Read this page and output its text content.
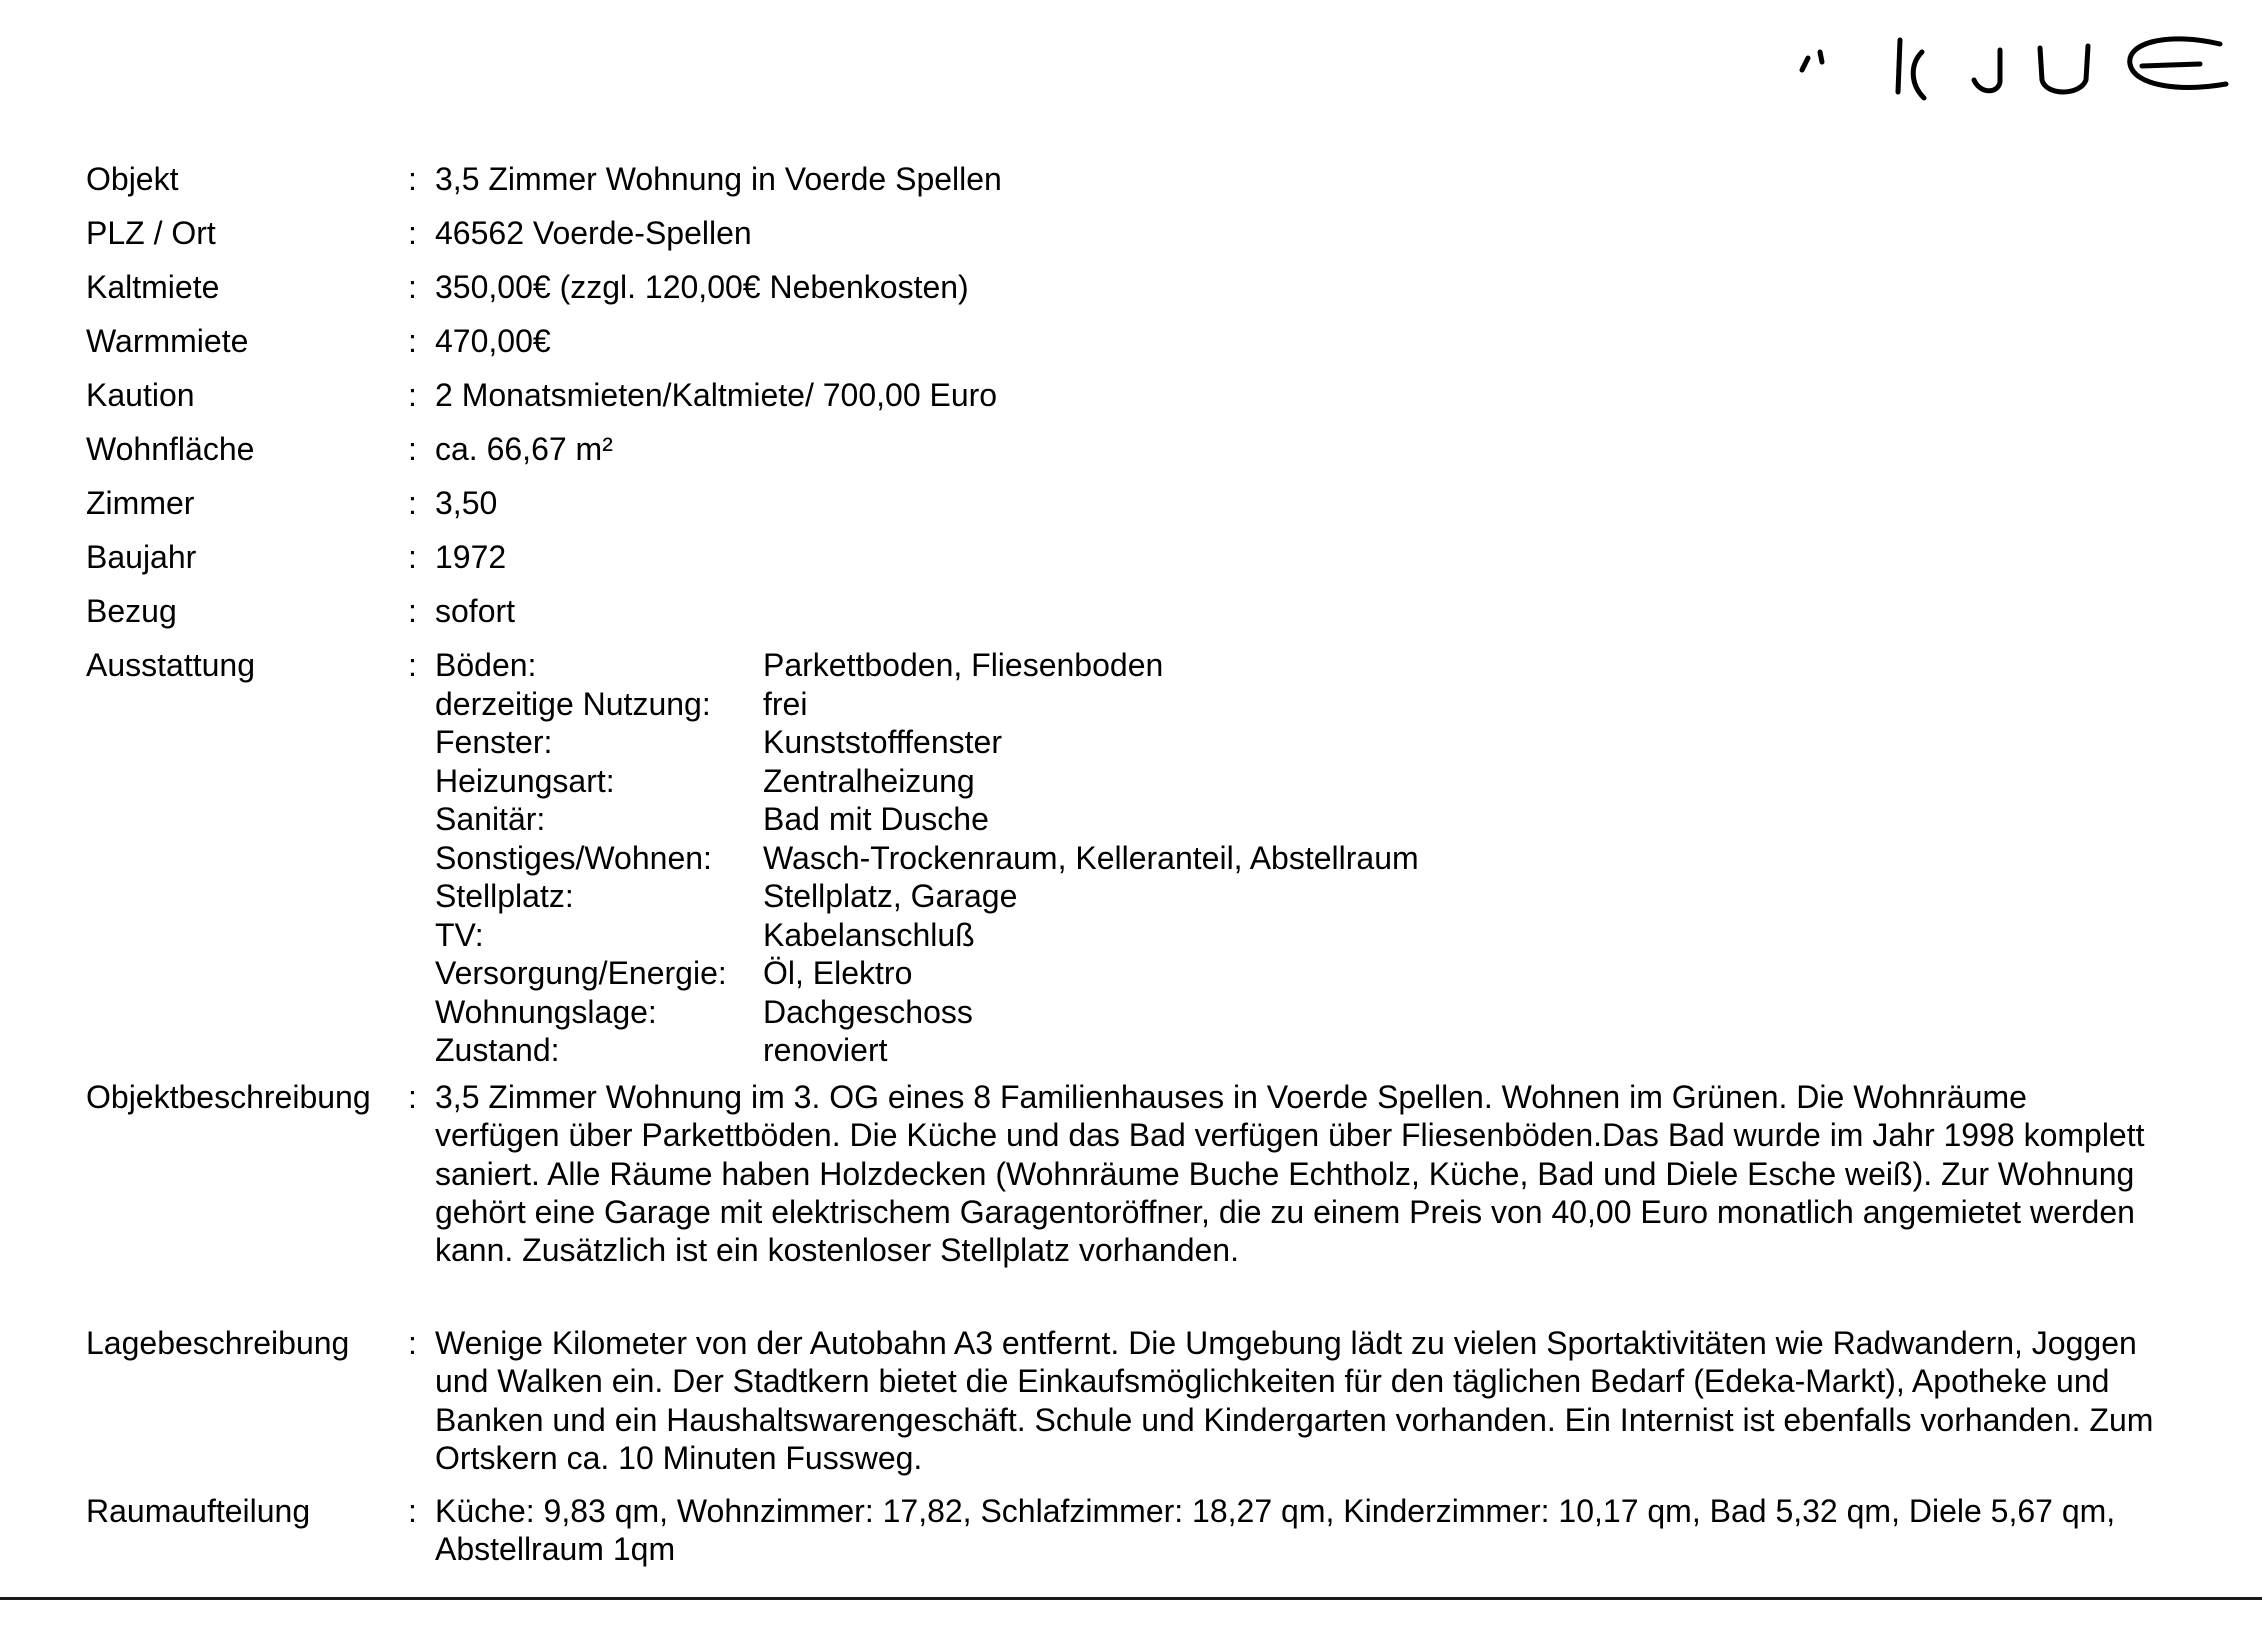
Objekt	: 3,5 Zimmer Wohnung in Voerde Spellen
PLZ / Ort	: 46562 Voerde-Spellen
Kaltmiete	: 350,00€ (zzgl. 120,00€ Nebenkosten)
Warmmiete	: 470,00€
Kaution	: 2 Monatsmieten/Kaltmiete/ 700,00 Euro
Wohnfläche	: ca. 66,67 m²
Zimmer	: 3,50
Baujahr	: 1972
Bezug	: sofort
Ausstattung	: Böden:	Parkettboden, Fliesenboden
derzeitige Nutzung: frei
Fenster:	Kunststofffenster
Heizungsart:	Zentralheizung
Sanitär:	Bad mit Dusche
Sonstiges/Wohnen: Wasch-Trockenraum, Kelleranteil, Abstellraum
Stellplatz:	Stellplatz, Garage
TV:	Kabelanschluß
Versorgung/Energie: Öl, Elektro
Wohnungslage:	Dachgeschoss
Zustand:	renoviert
Objektbeschreibung : 3,5 Zimmer Wohnung im 3. OG eines 8 Familienhauses in Voerde Spellen. Wohnen im Grünen. Die Wohnräume verfügen über Parkettböden. Die Küche und das Bad verfügen über Fliesenböden.Das Bad wurde im Jahr 1998 komplett saniert. Alle Räume haben Holzdecken (Wohnräume Buche Echtholz, Küche, Bad und Diele Esche weiß). Zur Wohnung gehört eine Garage mit elektrischem Garagentoröffner, die zu einem Preis von 40,00 Euro monatlich angemietet werden kann. Zusätzlich ist ein kostenloser Stellplatz vorhanden.
Lagebeschreibung : Wenige Kilometer von der Autobahn A3 entfernt. Die Umgebung lädt zu vielen Sportaktivitäten wie Radwandern, Joggen und Walken ein. Der Stadtkern bietet die Einkaufsmöglichkeiten für den täglichen Bedarf (Edeka-Markt), Apotheke und Banken und ein Haushaltswarengeschäft. Schule und Kindergarten vorhanden. Ein Internist ist ebenfalls vorhanden. Zum Ortskern ca. 10 Minuten Fussweg.
Raumaufteilung	: Küche: 9,83 qm, Wohnzimmer: 17,82, Schlafzimmer: 18,27 qm, Kinderzimmer: 10,17 qm, Bad 5,32 qm, Diele 5,67 qm, Abstellraum 1qm
